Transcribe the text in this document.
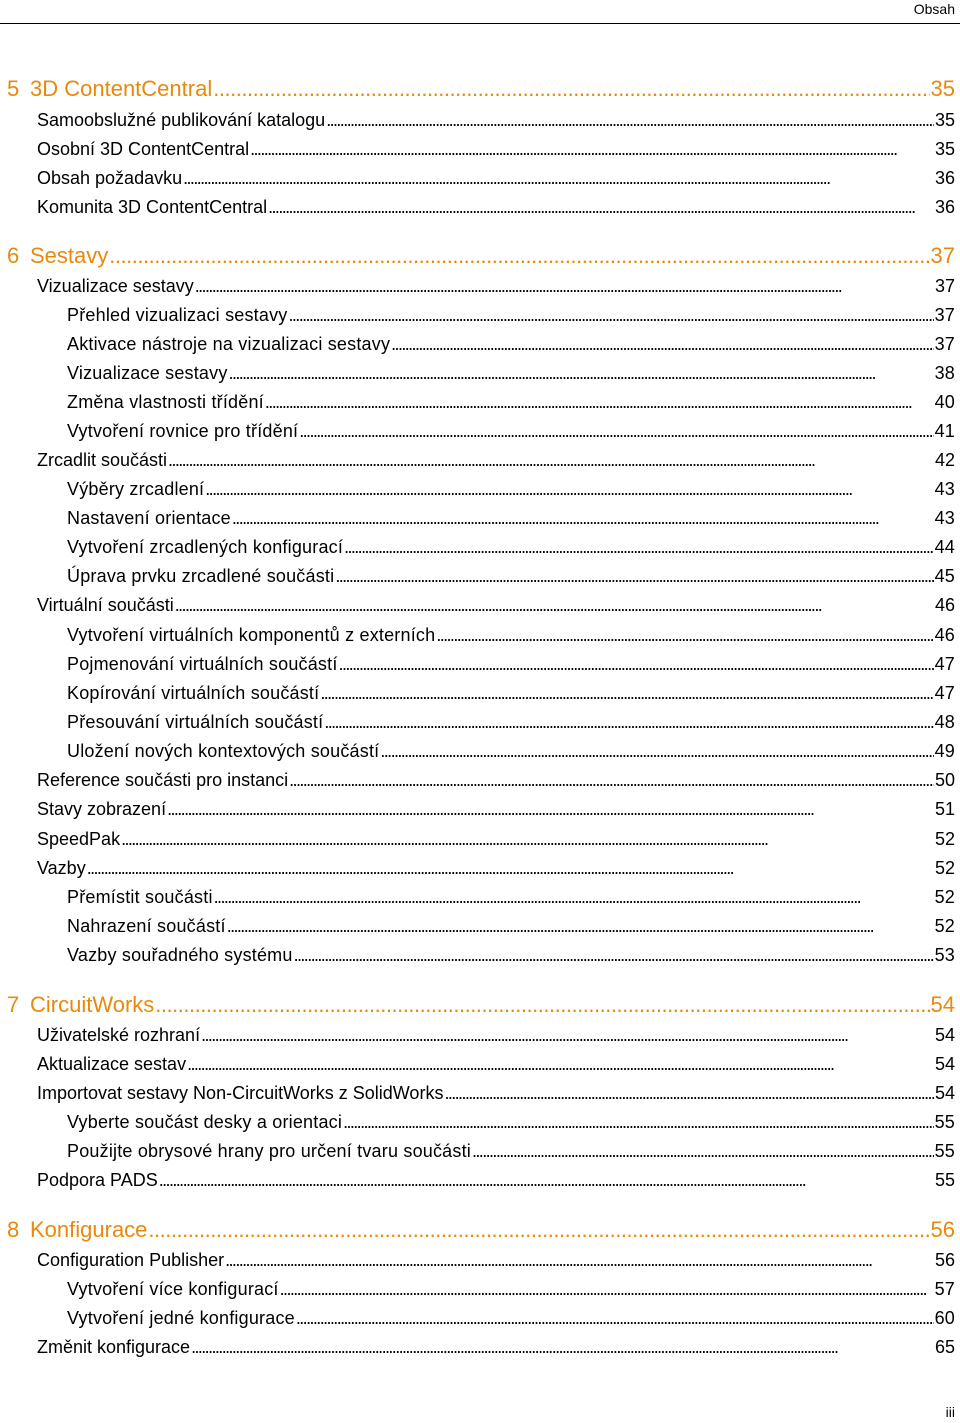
Obsah
5 3D ContentCentral . . .	35
Samoobslužné publikování katalogu . . .	35
Osobní 3D ContentCentral . . .	35
Obsah požadavku . . .	36
Komunita 3D ContentCentral . . .	36
6 Sestavy . . .	37
Vizualizace sestavy . . .	37
Přehled vizualizaci sestavy . . .	37
Aktivace nástroje na vizualizaci sestavy . . .	37
Vizualizace sestavy . . .	38
Změna vlastnosti třídění . . .	40
Vytvoření rovnice pro třídění . . .	41
Zrcadlit součásti . . .	42
Výběry zrcadlení . . .	43
Nastavení orientace . . .	43
Vytvoření zrcadlených konfigurací . . .	44
Úprava prvku zrcadlené součásti . . .	45
Virtuální součásti . . .	46
Vytvoření virtuálních komponentů z externích . . .	46
Pojmenování virtuálních součástí . . .	47
Kopírování virtuálních součástí . . .	47
Přesouvání virtuálních součástí . . .	48
Uložení nových kontextových součástí . . .	49
Reference součásti pro instanci . . .	50
Stavy zobrazení . . .	51
SpeedPak . . .	52
Vazby . . .	52
Přemístit součásti . . .	52
Nahrazení součástí . . .	52
Vazby souřadného systému . . .	53
7 CircuitWorks . . .	54
Uživatelské rozhraní . . .	54
Aktualizace sestav . . .	54
Importovat sestavy Non-CircuitWorks z SolidWorks . . .	54
Vyberte součást desky a orientaci . . .	55
Použijte obrysové hrany pro určení tvaru součásti . . .	55
Podpora PADS . . .	55
8 Konfigurace . . .	56
Configuration Publisher . . .	56
Vytvoření více konfigurací . . .	57
Vytvoření jedné konfigurace . . .	60
Změnit konfigurace . . .	65
iii
